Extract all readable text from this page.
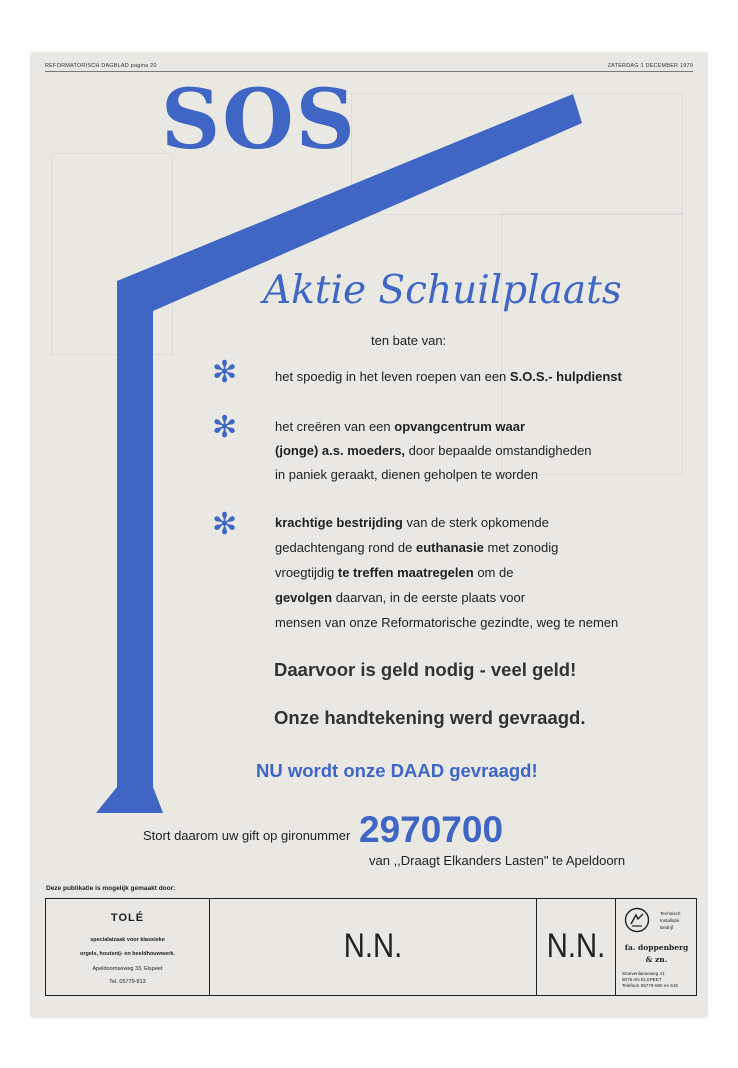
REFORMATORISCH DAGBLAD pagina 20	ZATERDAG 1 DECEMBER 1979
SOS
Aktie Schuilplaats
ten bate van:
✻	het spoedig in het leven roepen van een S.O.S.- hulpdienst
✻	het creëren van een opvangcentrum waar
(jonge) a.s. moeders, door bepaalde omstandigheden
in paniek geraakt, dienen geholpen te worden
✻	krachtige bestrijding van de sterk opkomende
gedachtengang rond de euthanasie met zonodig
vroegtijdig te treffen maatregelen om de
gevolgen daarvan, in de eerste plaats voor
mensen van onze Reformatorische gezindte, weg te nemen
Daarvoor is geld nodig - veel geld!
Onze handtekening werd gevraagd.
NU wordt onze DAAD gevraagd!
Stort daarom uw gift op gironummer 2970700
van ,,Draagt Elkanders Lasten" te Apeldoorn
Deze publikatie is mogelijk gemaakt door:
TOLÉ
specialaizaak voor klassieke
orgels, houtsnij- en beeldhouwwerk.
Apeldoornseweg 33, Elspeet
Tel. 05779-813
N.N.	N.N.
Technisch
Installatie
Bedrijf
fa. doppenberg
& zn.
Stoevenlanseweg 41
8075 AN ELSPEET
Telefoon 05779-550 en 615
